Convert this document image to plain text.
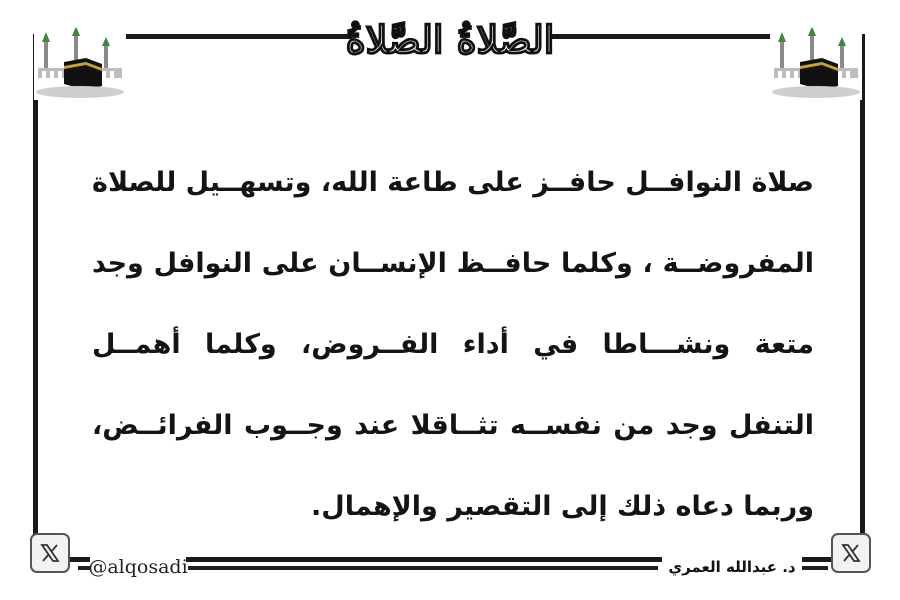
الصَّلاةُ الصَّلاةُ
صلاة النوافــل حافــز على طاعة الله، وتسهــيل للصلاة المفروضــة ، وكلما حافــظ الإنســان على النوافل وجد متعة ونشـــاطا في أداء الفــروض، وكلما أهمــل التنفل وجد من نفســه تثــاقلا عند وجــوب الفرائــض، وربما دعاه ذلك إلى التقصير والإهمال.
@alqosadi	د. عبدالله العمري
